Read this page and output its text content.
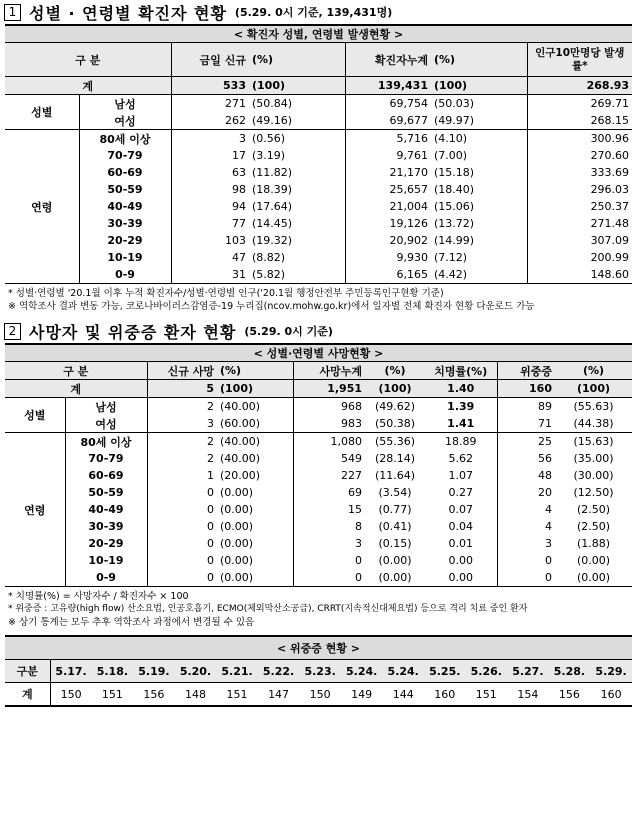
1 성별 · 연령별 확진자 현황 (5.29. 0시 기준, 139,431명)
< 확진자 성별, 연령별 발생현황 >						
구 분		금일 신규	(%)	확진자누계	(%)	인구10만명당 발생률*
계		533	(100)	139,431	(100)	268.93
성별	남성	271	(50.84)	69,754	(50.03)	269.71
	여성	262	(49.16)	69,677	(49.97)	268.15
연령	80세 이상	3	(0.56)	5,716	(4.10)	300.96
	70-79	17	(3.19)	9,761	(7.00)	270.60
	60-69	63	(11.82)	21,170	(15.18)	333.69
	50-59	98	(18.39)	25,657	(18.40)	296.03
	40-49	94	(17.64)	21,004	(15.06)	250.37
	30-39	77	(14.45)	19,126	(13.72)	271.48
	20-29	103	(19.32)	20,902	(14.99)	307.09
	10-19	47	(8.82)	9,930	(7.12)	200.99
	0-9	31	(5.82)	6,165	(4.42)	148.60
* 성별·연령별 '20.1월 이후 누적 확진자수/성별·연령별 인구('20.1월 행정안전부 주민등록인구현황 기준)
※ 역학조사 결과 변동 가능, 코로나바이러스감염증-19 누리집(ncov.mohw.go.kr)에서 일자별 전체 확진자 현황 다운로드 가능
2 사망자 및 위중증 환자 현황 (5.29. 0시 기준)
< 성별·연령별 사망현황 >								
구 분		신규 사망	(%)	사망누계	(%)	치명률(%)	위중증	(%)
계		5	(100)	1,951	(100)	1.40	160	(100)
성별	남성	2	(40.00)	968	(49.62)	1.39	89	(55.63)
	여성	3	(60.00)	983	(50.38)	1.41	71	(44.38)
연령	80세 이상	2	(40.00)	1,080	(55.36)	18.89	25	(15.63)
	70-79	2	(40.00)	549	(28.14)	5.62	56	(35.00)
	60-69	1	(20.00)	227	(11.64)	1.07	48	(30.00)
	50-59	0	(0.00)	69	(3.54)	0.27	20	(12.50)
	40-49	0	(0.00)	15	(0.77)	0.07	4	(2.50)
	30-39	0	(0.00)	8	(0.41)	0.04	4	(2.50)
	20-29	0	(0.00)	3	(0.15)	0.01	3	(1.88)
	10-19	0	(0.00)	0	(0.00)	0.00	0	(0.00)
	0-9	0	(0.00)	0	(0.00)	0.00	0	(0.00)
* 치명률(%) = 사망자수 / 확진자수 × 100
* 위중증 : 고유량(high flow) 산소요법, 인공호흡기, ECMO(체외막산소공급), CRRT(지속적신대체요법) 등으로 격리 치료 중인 환자
※ 상기 통계는 모두 추후 역학조사 과정에서 변경될 수 있음
< 위중증 현황 >														
구분	5.17.	5.18.	5.19.	5.20.	5.21.	5.22.	5.23.	5.24.	5.24.	5.25.	5.26.	5.27.	5.28.	5.29.
계	150	151	156	148	151	147	150	149	144	160	151	154	156	160
